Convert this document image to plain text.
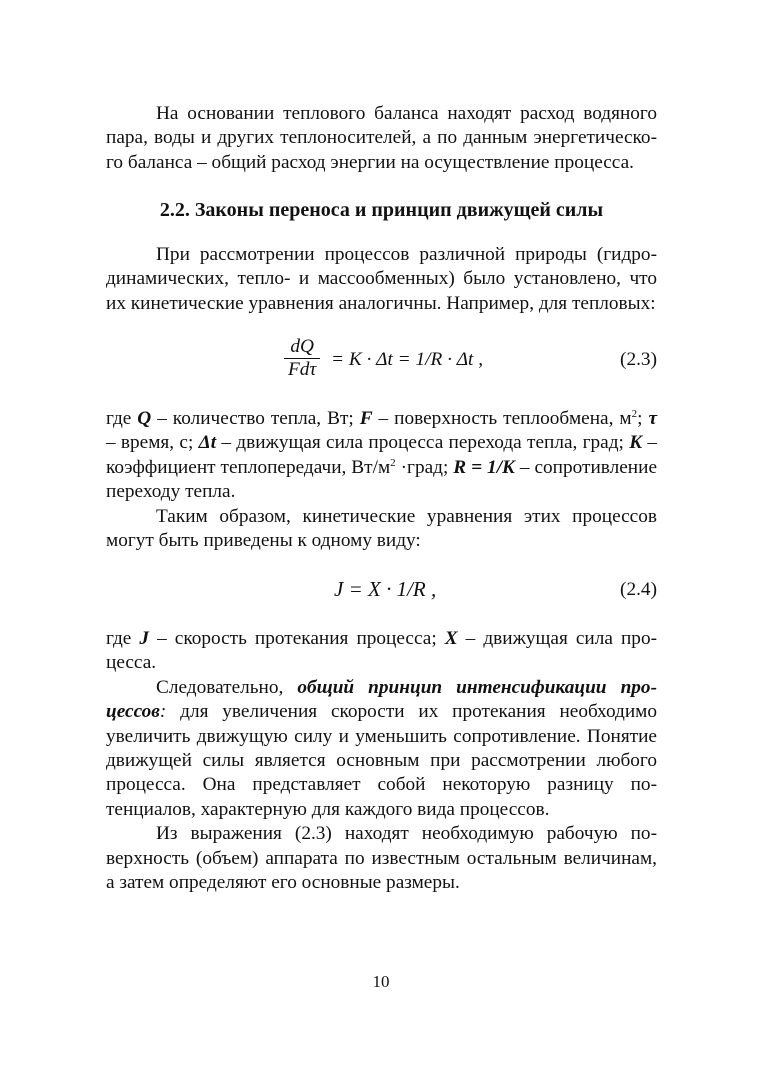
На основании теплового баланса находят расход водяного пара, воды и других теплоносителей, а по данным энергетического баланса – общий расход энергии на осуществление процесса.

2.2. Законы переноса и принцип движущей силы

При рассмотрении процессов различной природы (гидродинамических, тепло- и массообменных) было установлено, что их кинетические уравнения аналогичны. Например, для тепловых:

dQ
Fdτ = K · Δt = 1/R · Δt ,	(2.3)

где Q – количество тепла, Вт; F – поверхность теплообмена, $м^2$; τ – время, с; Δt – движущая сила процесса перехода тепла, град; K – коэффициент теплопередачи, $Вт/м^2$ ·град; R = 1/K – сопротивление переходу тепла.

Таким образом, кинетические уравнения этих процессов могут быть приведены к одному виду:

J = X · 1/R ,	(2.4)

где J – скорость протекания процесса; X – движущая сила процесса.

Следовательно, общий принцип интенсификации процессов: для увеличения скорости их протекания необходимо увеличить движущую силу и уменьшить сопротивление. Понятие движущей силы является основным при рассмотрении любого процесса. Она представляет собой некоторую разницу потенциалов, характерную для каждого вида процессов.

Из выражения (2.3) находят необходимую рабочую поверхность (объем) аппарата по известным остальным величинам, а затем определяют его основные размеры.

10
